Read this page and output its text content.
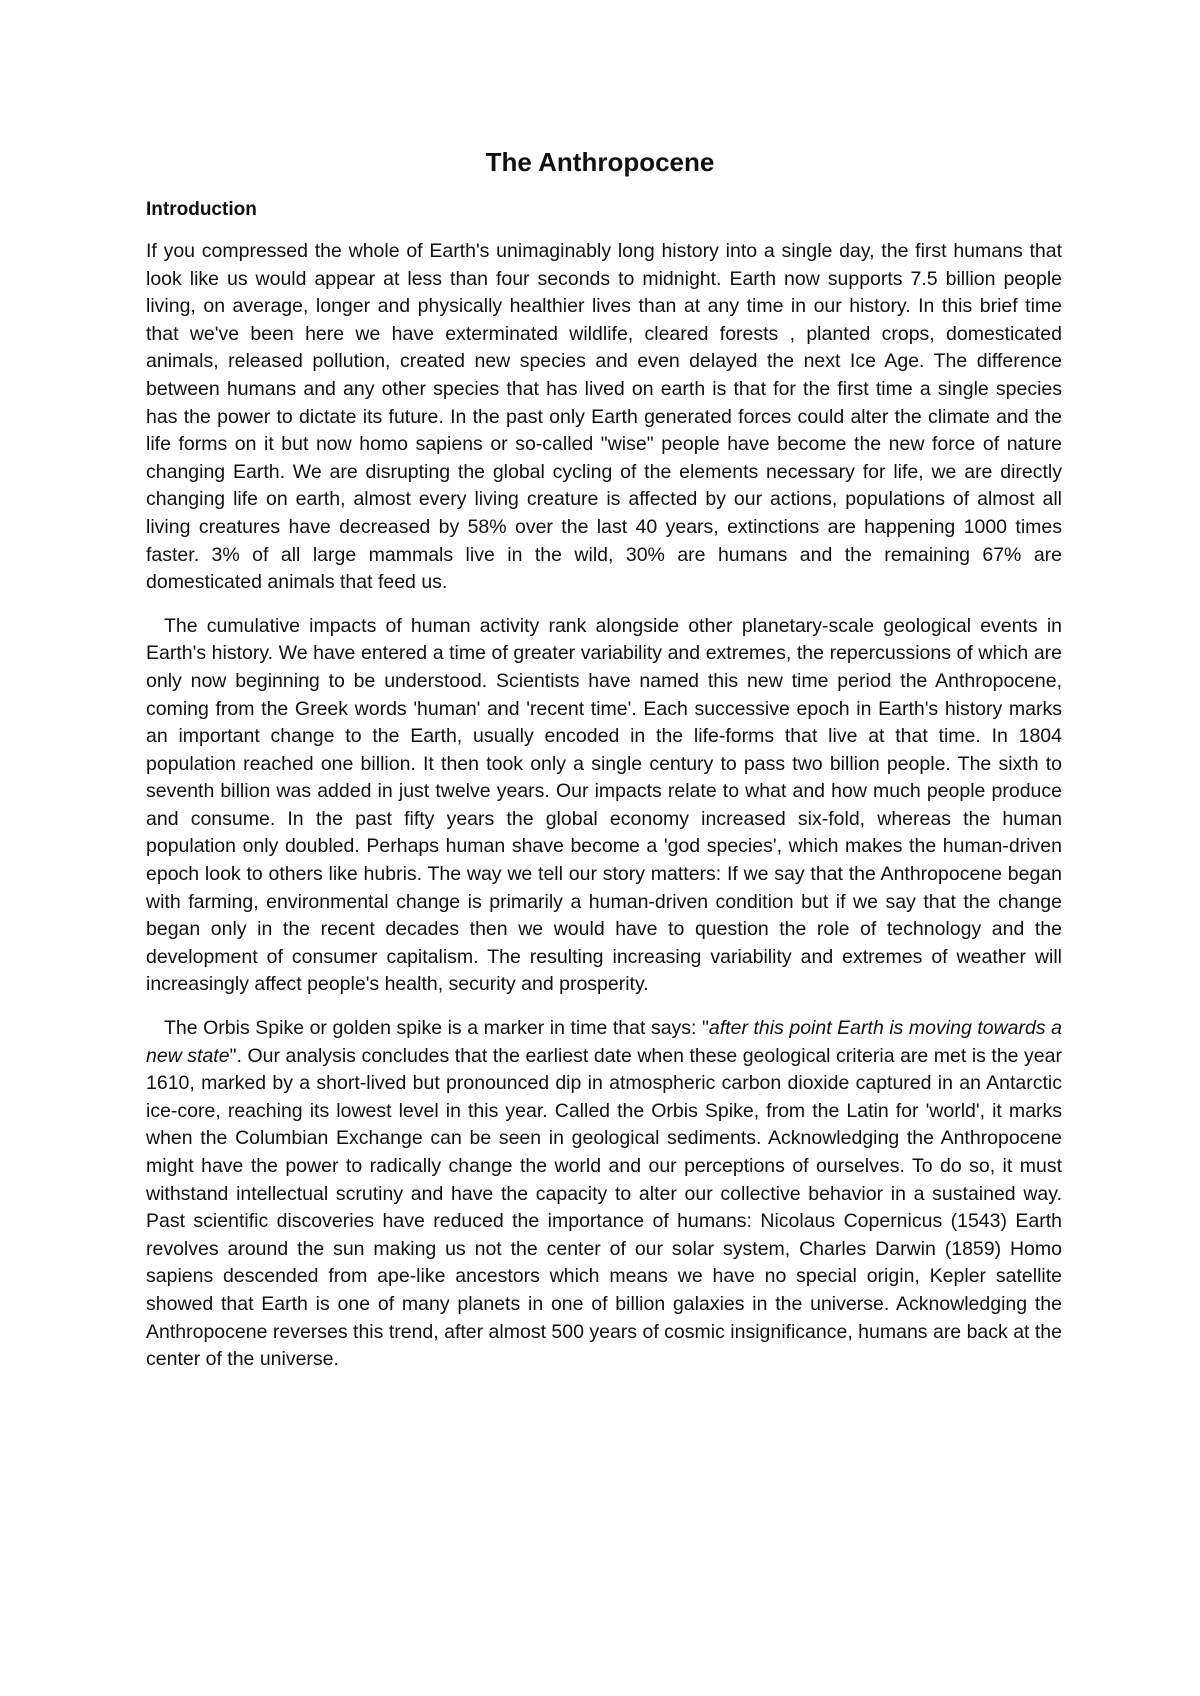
The Anthropocene
Introduction

If you compressed the whole of Earth's unimaginably long history into a single day, the first humans that look like us would appear at less than four seconds to midnight. Earth now supports 7.5 billion people living, on average, longer and physically healthier lives than at any time in our history. In this brief time that we've been here we have exterminated wildlife, cleared forests , planted crops, domesticated animals, released pollution, created new species and even delayed the next Ice Age. The difference between humans and any other species that has lived on earth is that for the first time a single species has the power to dictate its future. In the past only Earth generated forces could alter the climate and the life forms on it but now homo sapiens or so-called "wise" people have become the new force of nature changing Earth. We are disrupting the global cycling of the elements necessary for life, we are directly changing life on earth, almost every living creature is affected by our actions, populations of almost all living creatures have decreased by 58% over the last 40 years, extinctions are happening 1000 times faster. 3% of all large mammals live in the wild, 30% are humans and the remaining 67% are domesticated animals that feed us.

The cumulative impacts of human activity rank alongside other planetary-scale geological events in Earth's history. We have entered a time of greater variability and extremes, the repercussions of which are only now beginning to be understood. Scientists have named this new time period the Anthropocene, coming from the Greek words 'human' and 'recent time'. Each successive epoch in Earth's history marks an important change to the Earth, usually encoded in the life-forms that live at that time. In 1804 population reached one billion. It then took only a single century to pass two billion people. The sixth to seventh billion was added in just twelve years. Our impacts relate to what and how much people produce and consume. In the past fifty years the global economy increased six-fold, whereas the human population only doubled. Perhaps human shave become a 'god species', which makes the human-driven epoch look to others like hubris. The way we tell our story matters: If we say that the Anthropocene began with farming, environmental change is primarily a human-driven condition but if we say that the change began only in the recent decades then we would have to question the role of technology and the development of consumer capitalism. The resulting increasing variability and extremes of weather will increasingly affect people's health, security and prosperity.

The Orbis Spike or golden spike is a marker in time that says: "after this point Earth is moving towards a new state". Our analysis concludes that the earliest date when these geological criteria are met is the year 1610, marked by a short-lived but pronounced dip in atmospheric carbon dioxide captured in an Antarctic ice-core, reaching its lowest level in this year. Called the Orbis Spike, from the Latin for 'world', it marks when the Columbian Exchange can be seen in geological sediments. Acknowledging the Anthropocene might have the power to radically change the world and our perceptions of ourselves. To do so, it must withstand intellectual scrutiny and have the capacity to alter our collective behavior in a sustained way. Past scientific discoveries have reduced the importance of humans: Nicolaus Copernicus (1543) Earth revolves around the sun making us not the center of our solar system, Charles Darwin (1859) Homo sapiens descended from ape-like ancestors which means we have no special origin, Kepler satellite showed that Earth is one of many planets in one of billion galaxies in the universe. Acknowledging the Anthropocene reverses this trend, after almost 500 years of cosmic insignificance, humans are back at the center of the universe.
